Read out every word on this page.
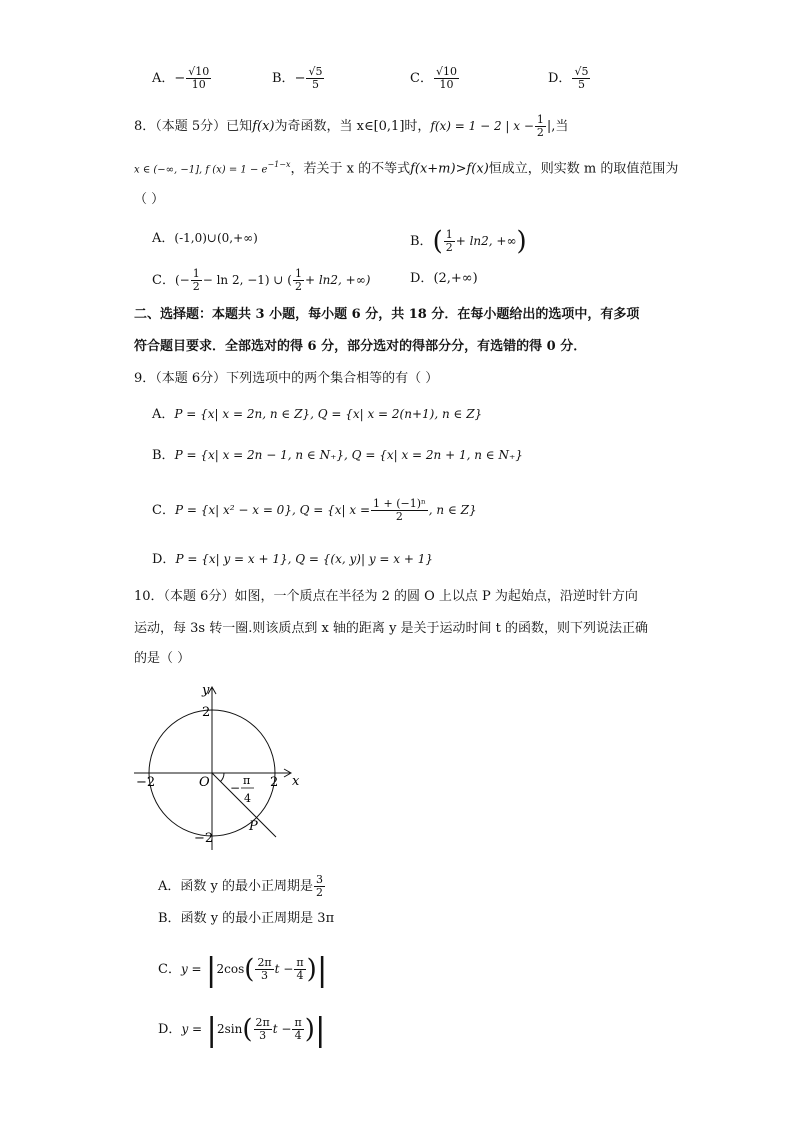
A．− $\frac{√10}{10}$	B．− $\frac{√5}{5}$	C． $\frac{√10}{10}$	D． $\frac{√5}{5}$
8．（本题 5分）已知f(x)为奇函数，当 x∈[0,1]时，f(x) = 1 − 2 | $x - \frac{1}{2}$ |,当
x ∈ (−∞, −1], f $(x) = 1 - e^{-1-x}$，若关于 x 的不等式f(x+m)>f(x)恒成立，则实数 m 的取值范围为
（ ）
A．(-1,0)∪(0,+∞)	B．( $\frac{1}{2} + \ln 2$, +∞)
C．(− $\frac{1}{2} - \ln 2$, −1) ∪ ( $\frac{1}{2} + \ln 2$, +∞)	D．(2,+∞)
二、选择题：本题共 3 小题，每小题 6 分，共 18 分．在每小题给出的选项中，有多项
符合题目要求．全部选对的得 6 分，部分选对的得部分分，有选错的得 0 分．
9．（本题 6分）下列选项中的两个集合相等的有（ ）
A．P = {x| x = 2n, n ∈ Z}, Q = {x| x = 2(n+1), n ∈ Z}
B．P = {x| x = 2n − 1, n ∈ N₊}, Q = {x| x = 2n + 1, n ∈ N₊}
C．P = {x| x² − x = 0}, Q = {x| $x = \frac{\text{1 + (−1)ⁿ}}{2}$ , n ∈ Z}
D．P = {x| y = x + 1}, Q = {(x, y)| y = x + 1}
10．（本题 6分）如图，一个质点在半径为 2 的圆 O 上以点 P 为起始点，沿逆时针方向
运动，每 3s 转一圈.则该质点到 x 轴的距离 y 是关于运动时间 t 的函数，则下列说法正确
的是（ ）
y
x
O
2
−2
−2	2
−
π
4
P
A．函数 y 的最小正周期是 $\frac{3}{2}$
B．函数 y 的最小正周期是 3π
C．$y = |2\cos( \frac{2\pi}{3}$ $t - \frac{\pi}{4}$ )|
D．$y = |2\sin( \frac{2\pi}{3}$ $t - \frac{\pi}{4}$ )|
